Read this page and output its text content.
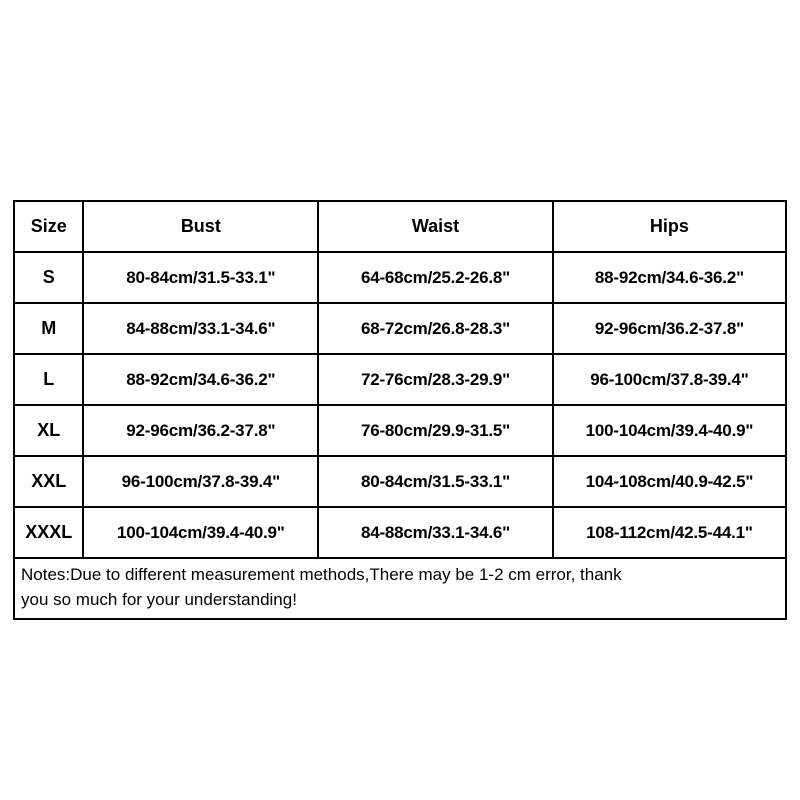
Size	Bust	Waist	Hips
S	80-84cm/31.5-33.1"	64-68cm/25.2-26.8"	88-92cm/34.6-36.2"
M	84-88cm/33.1-34.6"	68-72cm/26.8-28.3"	92-96cm/36.2-37.8"
L	88-92cm/34.6-36.2"	72-76cm/28.3-29.9"	96-100cm/37.8-39.4"
XL	92-96cm/36.2-37.8"	76-80cm/29.9-31.5"	100-104cm/39.4-40.9"
XXL	96-100cm/37.8-39.4"	80-84cm/31.5-33.1"	104-108cm/40.9-42.5"
XXXL	100-104cm/39.4-40.9"	84-88cm/33.1-34.6"	108-112cm/42.5-44.1"

Notes:Due to different measurement methods,There may be 1-2 cm error, thank
you so much for your understanding!			
